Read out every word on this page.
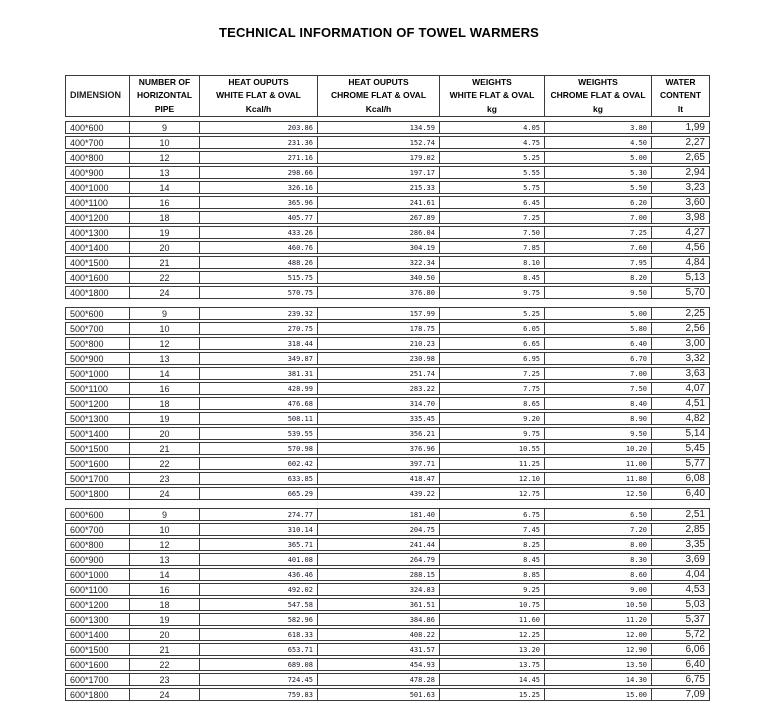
TECHNICAL INFORMATION OF TOWEL WARMERS
DIMENSION	NUMBER OF
HORIZONTAL
PIPE	HEAT OUPUTS
WHITE FLAT & OVAL
Kcal/h	HEAT OUPUTS
CHROME FLAT & OVAL
Kcal/h	WEIGHTS
WHITE FLAT & OVAL
kg	WEIGHTS
CHROME FLAT & OVAL
kg	WATER
CONTENT
lt
400*600	9	203.86	134.59	4.05	3.80	1,99
400*700	10	231.36	152.74	4.75	4.50	2,27
400*800	12	271.16	179.02	5.25	5.00	2,65
400*900	13	298.66	197.17	5.55	5.30	2,94
400*1000	14	326.16	215.33	5.75	5.50	3,23
400*1100	16	365.96	241.61	6.45	6.20	3,60
400*1200	18	405.77	267.89	7.25	7.00	3,98
400*1300	19	433.26	286.04	7.50	7.25	4,27
400*1400	20	460.76	304.19	7.85	7.60	4,56
400*1500	21	488.26	322.34	8.10	7.95	4,84
400*1600	22	515.75	340.50	8.45	8.20	5,13
400*1800	24	570.75	376.80	9.75	9.50	5,70
500*600	9	239.32	157.99	5.25	5.00	2,25
500*700	10	270.75	178.75	6.05	5.80	2,56
500*800	12	318.44	210.23	6.65	6.40	3,00
500*900	13	349.87	230.98	6.95	6.70	3,32
500*1000	14	381.31	251.74	7.25	7.00	3,63
500*1100	16	428.99	283.22	7.75	7.50	4,07
500*1200	18	476.68	314.70	8.65	8.40	4,51
500*1300	19	508.11	335.45	9.20	8.90	4,82
500*1400	20	539.55	356.21	9.75	9.50	5,14
500*1500	21	570.98	376.96	10.55	10.20	5,45
500*1600	22	602.42	397.71	11.25	11.00	5,77
500*1700	23	633.85	418.47	12.10	11.80	6,08
500*1800	24	665.29	439.22	12.75	12.50	6,40
600*600	9	274.77	181.40	6.75	6.50	2,51
600*700	10	310.14	204.75	7.45	7.20	2,85
600*800	12	365.71	241.44	8.25	8.00	3,35
600*900	13	401.08	264.79	8.45	8.30	3,69
600*1000	14	436.46	288.15	8.85	8.60	4,04
600*1100	16	492.02	324.83	9.25	9.00	4,53
600*1200	18	547.58	361.51	10.75	10.50	5,03
600*1300	19	582.96	384.86	11.60	11.20	5,37
600*1400	20	618.33	408.22	12.25	12.00	5,72
600*1500	21	653.71	431.57	13.20	12.90	6,06
600*1600	22	689.08	454.93	13.75	13.50	6,40
600*1700	23	724.45	478.28	14.45	14.30	6,75
600*1800	24	759.83	501.63	15.25	15.00	7,09
